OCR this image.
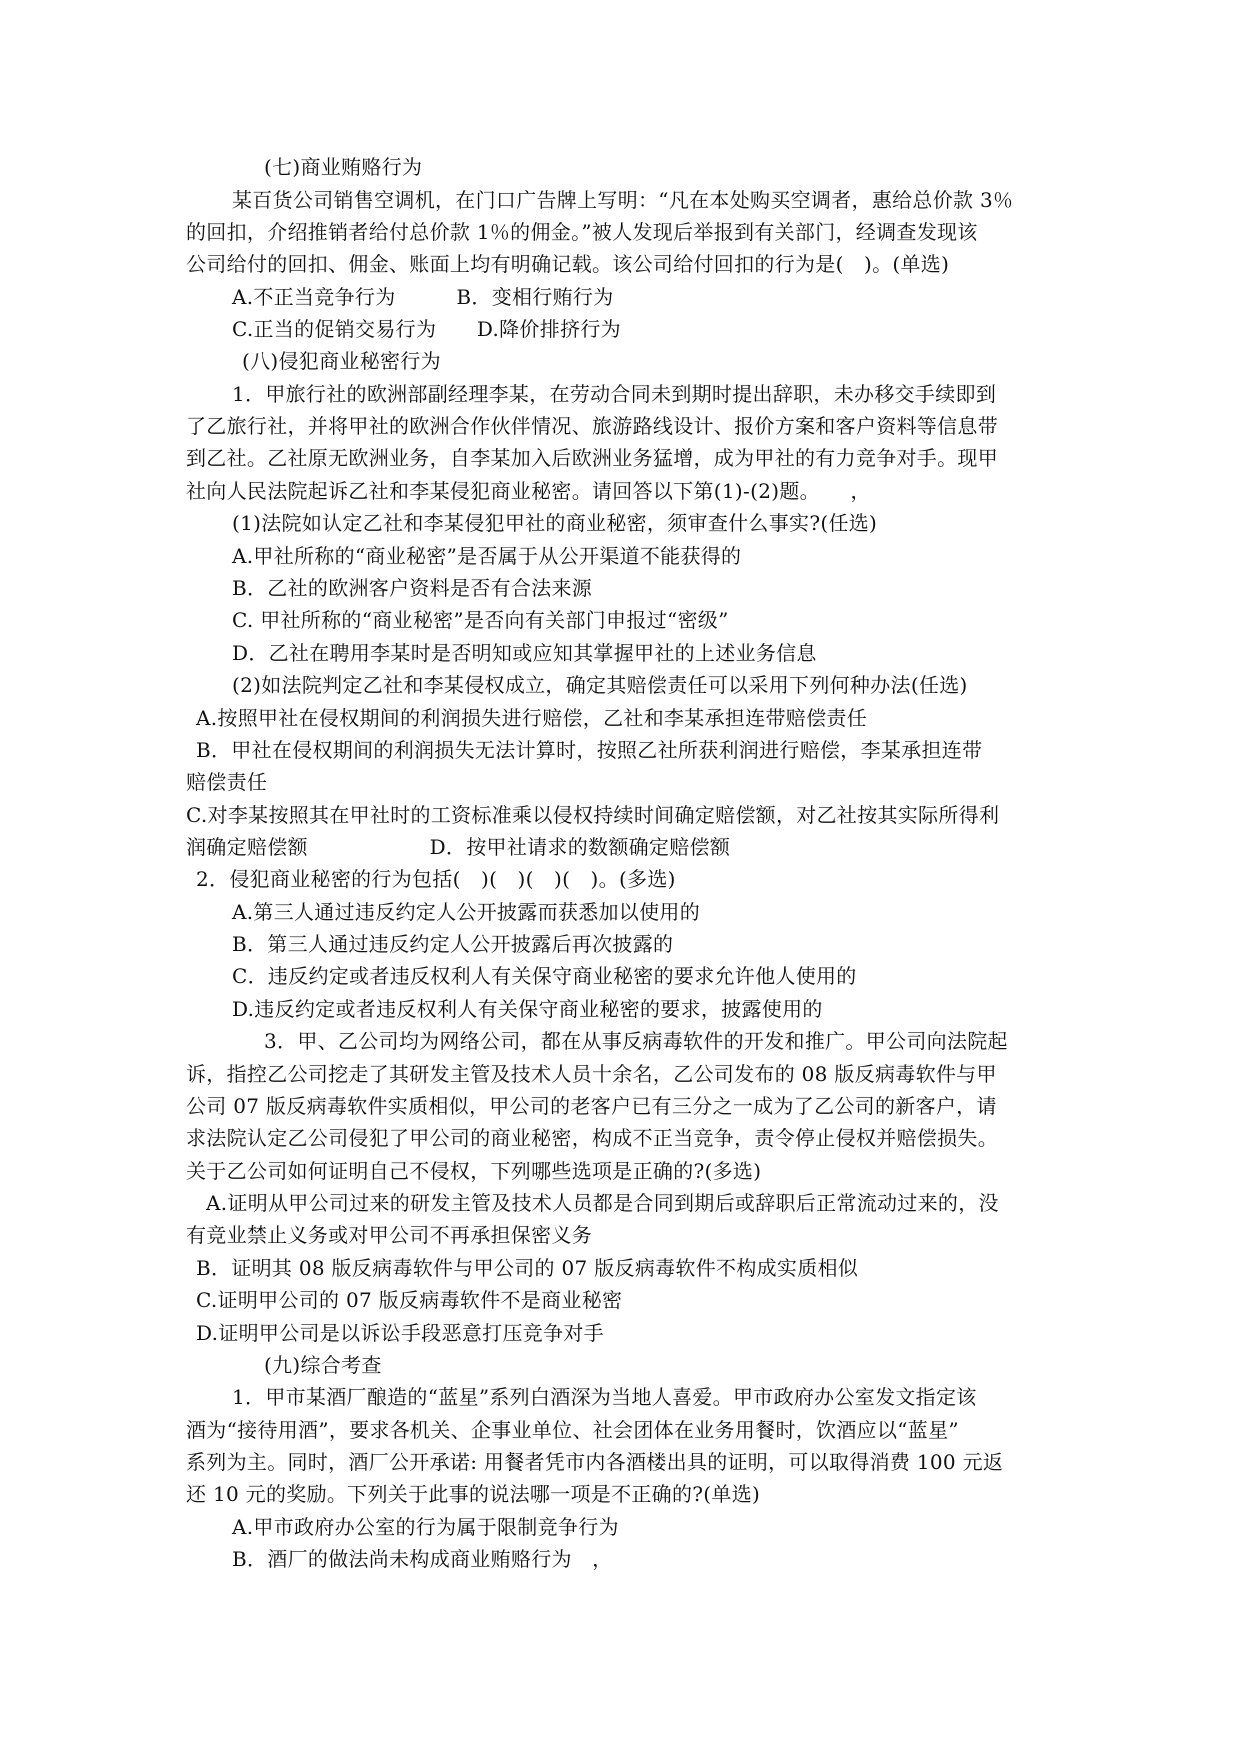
(七)商业贿赂行为
某百货公司销售空调机，在门口广告牌上写明：“凡在本处购买空调者，惠给总价款 3％
的回扣，介绍推销者给付总价款 1％的佣金。”被人发现后举报到有关部门，经调查发现该
公司给付的回扣、佣金、账面上均有明确记载。该公司给付回扣的行为是(　)。(单选)
A.不正当竞争行为　　　B．变相行贿行为
C.正当的促销交易行为　　D.降价排挤行为
(八)侵犯商业秘密行为
1．甲旅行社的欧洲部副经理李某，在劳动合同未到期时提出辞职，未办移交手续即到
了乙旅行社，并将甲社的欧洲合作伙伴情况、旅游路线设计、报价方案和客户资料等信息带
到乙社。乙社原无欧洲业务，自李某加入后欧洲业务猛增，成为甲社的有力竞争对手。现甲
社向人民法院起诉乙社和李某侵犯商业秘密。请回答以下第(1)-(2)题。　　，
(1)法院如认定乙社和李某侵犯甲社的商业秘密，须审查什么事实?(任选)
A.甲社所称的“商业秘密”是否属于从公开渠道不能获得的
B．乙社的欧洲客户资料是否有合法来源
C. 甲社所称的“商业秘密”是否向有关部门申报过“密级”
D．乙社在聘用李某时是否明知或应知其掌握甲社的上述业务信息
(2)如法院判定乙社和李某侵权成立，确定其赔偿责任可以采用下列何种办法(任选)
A.按照甲社在侵权期间的利润损失进行赔偿，乙社和李某承担连带赔偿责任
B．甲社在侵权期间的利润损失无法计算时，按照乙社所获利润进行赔偿，李某承担连带
赔偿责任
C.对李某按照其在甲社时的工资标准乘以侵权持续时间确定赔偿额，对乙社按其实际所得利
润确定赔偿额　　　　　　D．按甲社请求的数额确定赔偿额
2．侵犯商业秘密的行为包括(　)(　)(　)(　)。(多选)
A.第三人通过违反约定人公开披露而获悉加以使用的
B．第三人通过违反约定人公开披露后再次披露的
C．违反约定或者违反权利人有关保守商业秘密的要求允许他人使用的
D.违反约定或者违反权利人有关保守商业秘密的要求，披露使用的
3．甲、乙公司均为网络公司，都在从事反病毒软件的开发和推广。甲公司向法院起
诉，指控乙公司挖走了其研发主管及技术人员十余名，乙公司发布的 08 版反病毒软件与甲
公司 07 版反病毒软件实质相似，甲公司的老客户已有三分之一成为了乙公司的新客户，请
求法院认定乙公司侵犯了甲公司的商业秘密，构成不正当竞争，责令停止侵权并赔偿损失。
关于乙公司如何证明自己不侵权，下列哪些选项是正确的?(多选)
A.证明从甲公司过来的研发主管及技术人员都是合同到期后或辞职后正常流动过来的，没
有竞业禁止义务或对甲公司不再承担保密义务
B．证明其 08 版反病毒软件与甲公司的 07 版反病毒软件不构成实质相似
C.证明甲公司的 07 版反病毒软件不是商业秘密
D.证明甲公司是以诉讼手段恶意打压竞争对手
(九)综合考查
1．甲市某酒厂酿造的“蓝星”系列白酒深为当地人喜爱。甲市政府办公室发文指定该
酒为“接待用酒”，要求各机关、企事业单位、社会团体在业务用餐时，饮酒应以“蓝星”
系列为主。同时，酒厂公开承诺: 用餐者凭市内各酒楼出具的证明，可以取得消费 100 元返
还 10 元的奖励。下列关于此事的说法哪一项是不正确的?(单选)
A.甲市政府办公室的行为属于限制竞争行为
B．酒厂的做法尚未构成商业贿赂行为　，
